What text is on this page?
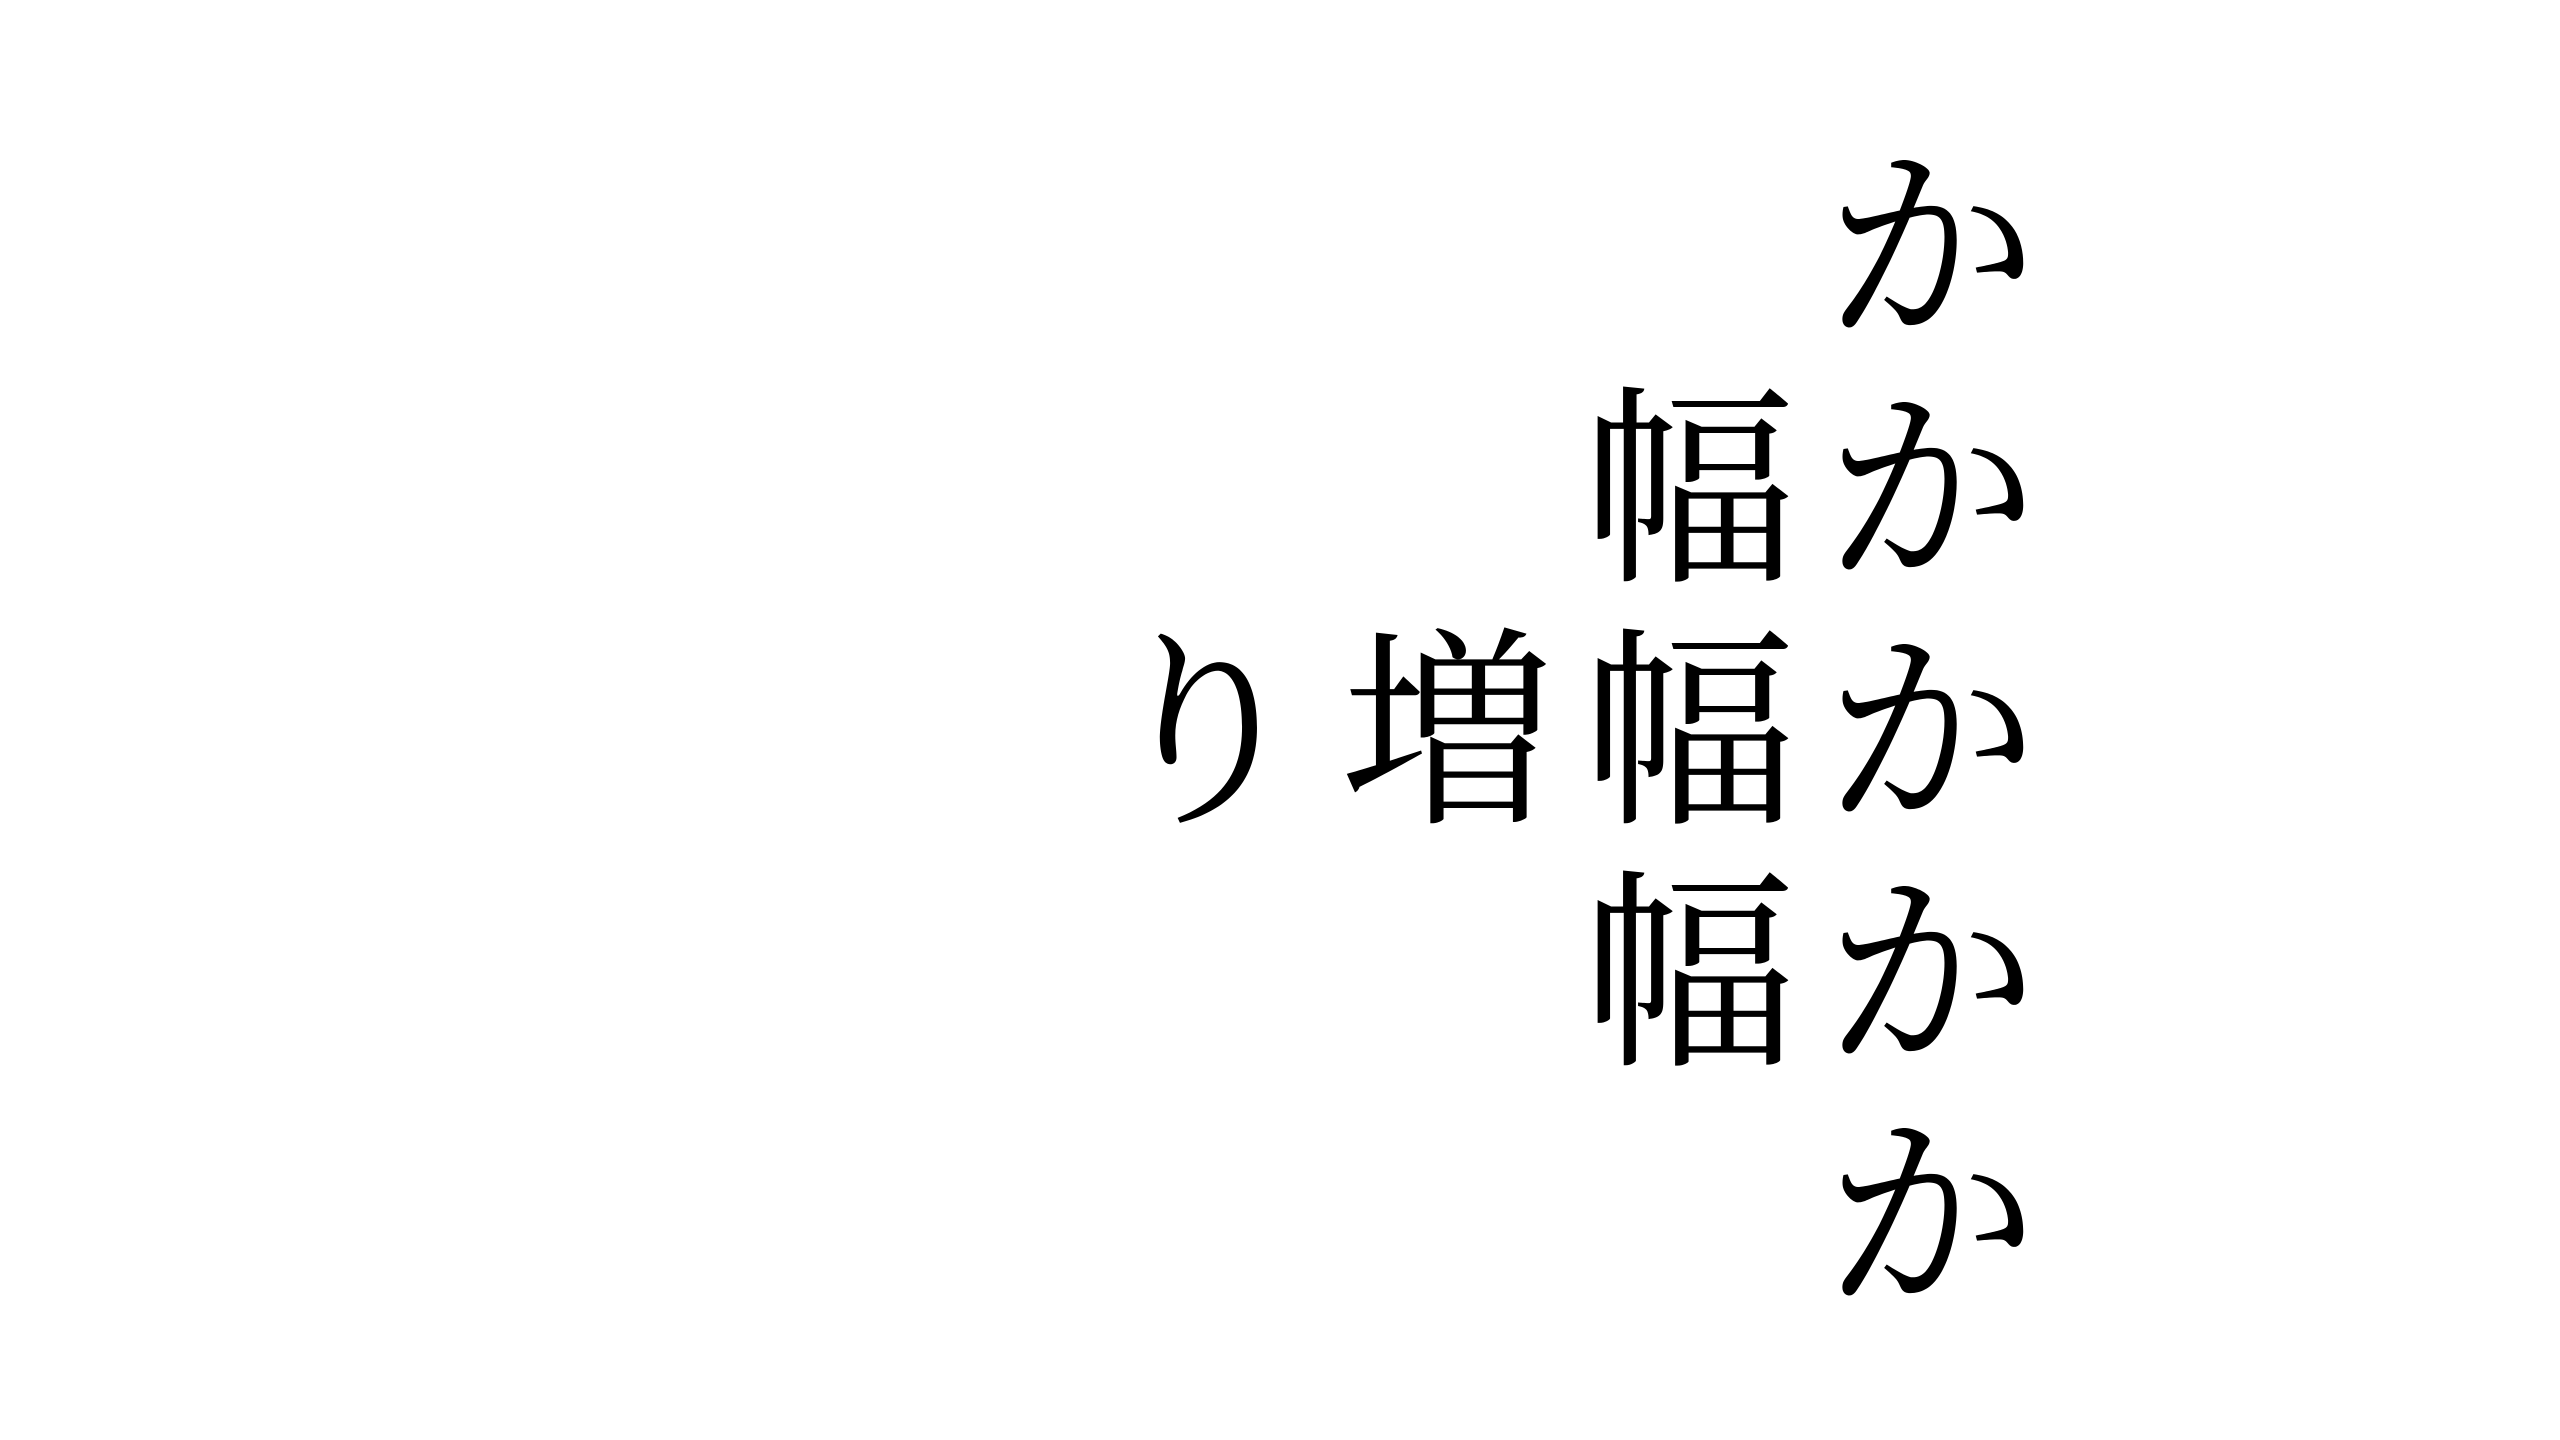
か
幅 か
り 増 幅 か
幅 か
か
